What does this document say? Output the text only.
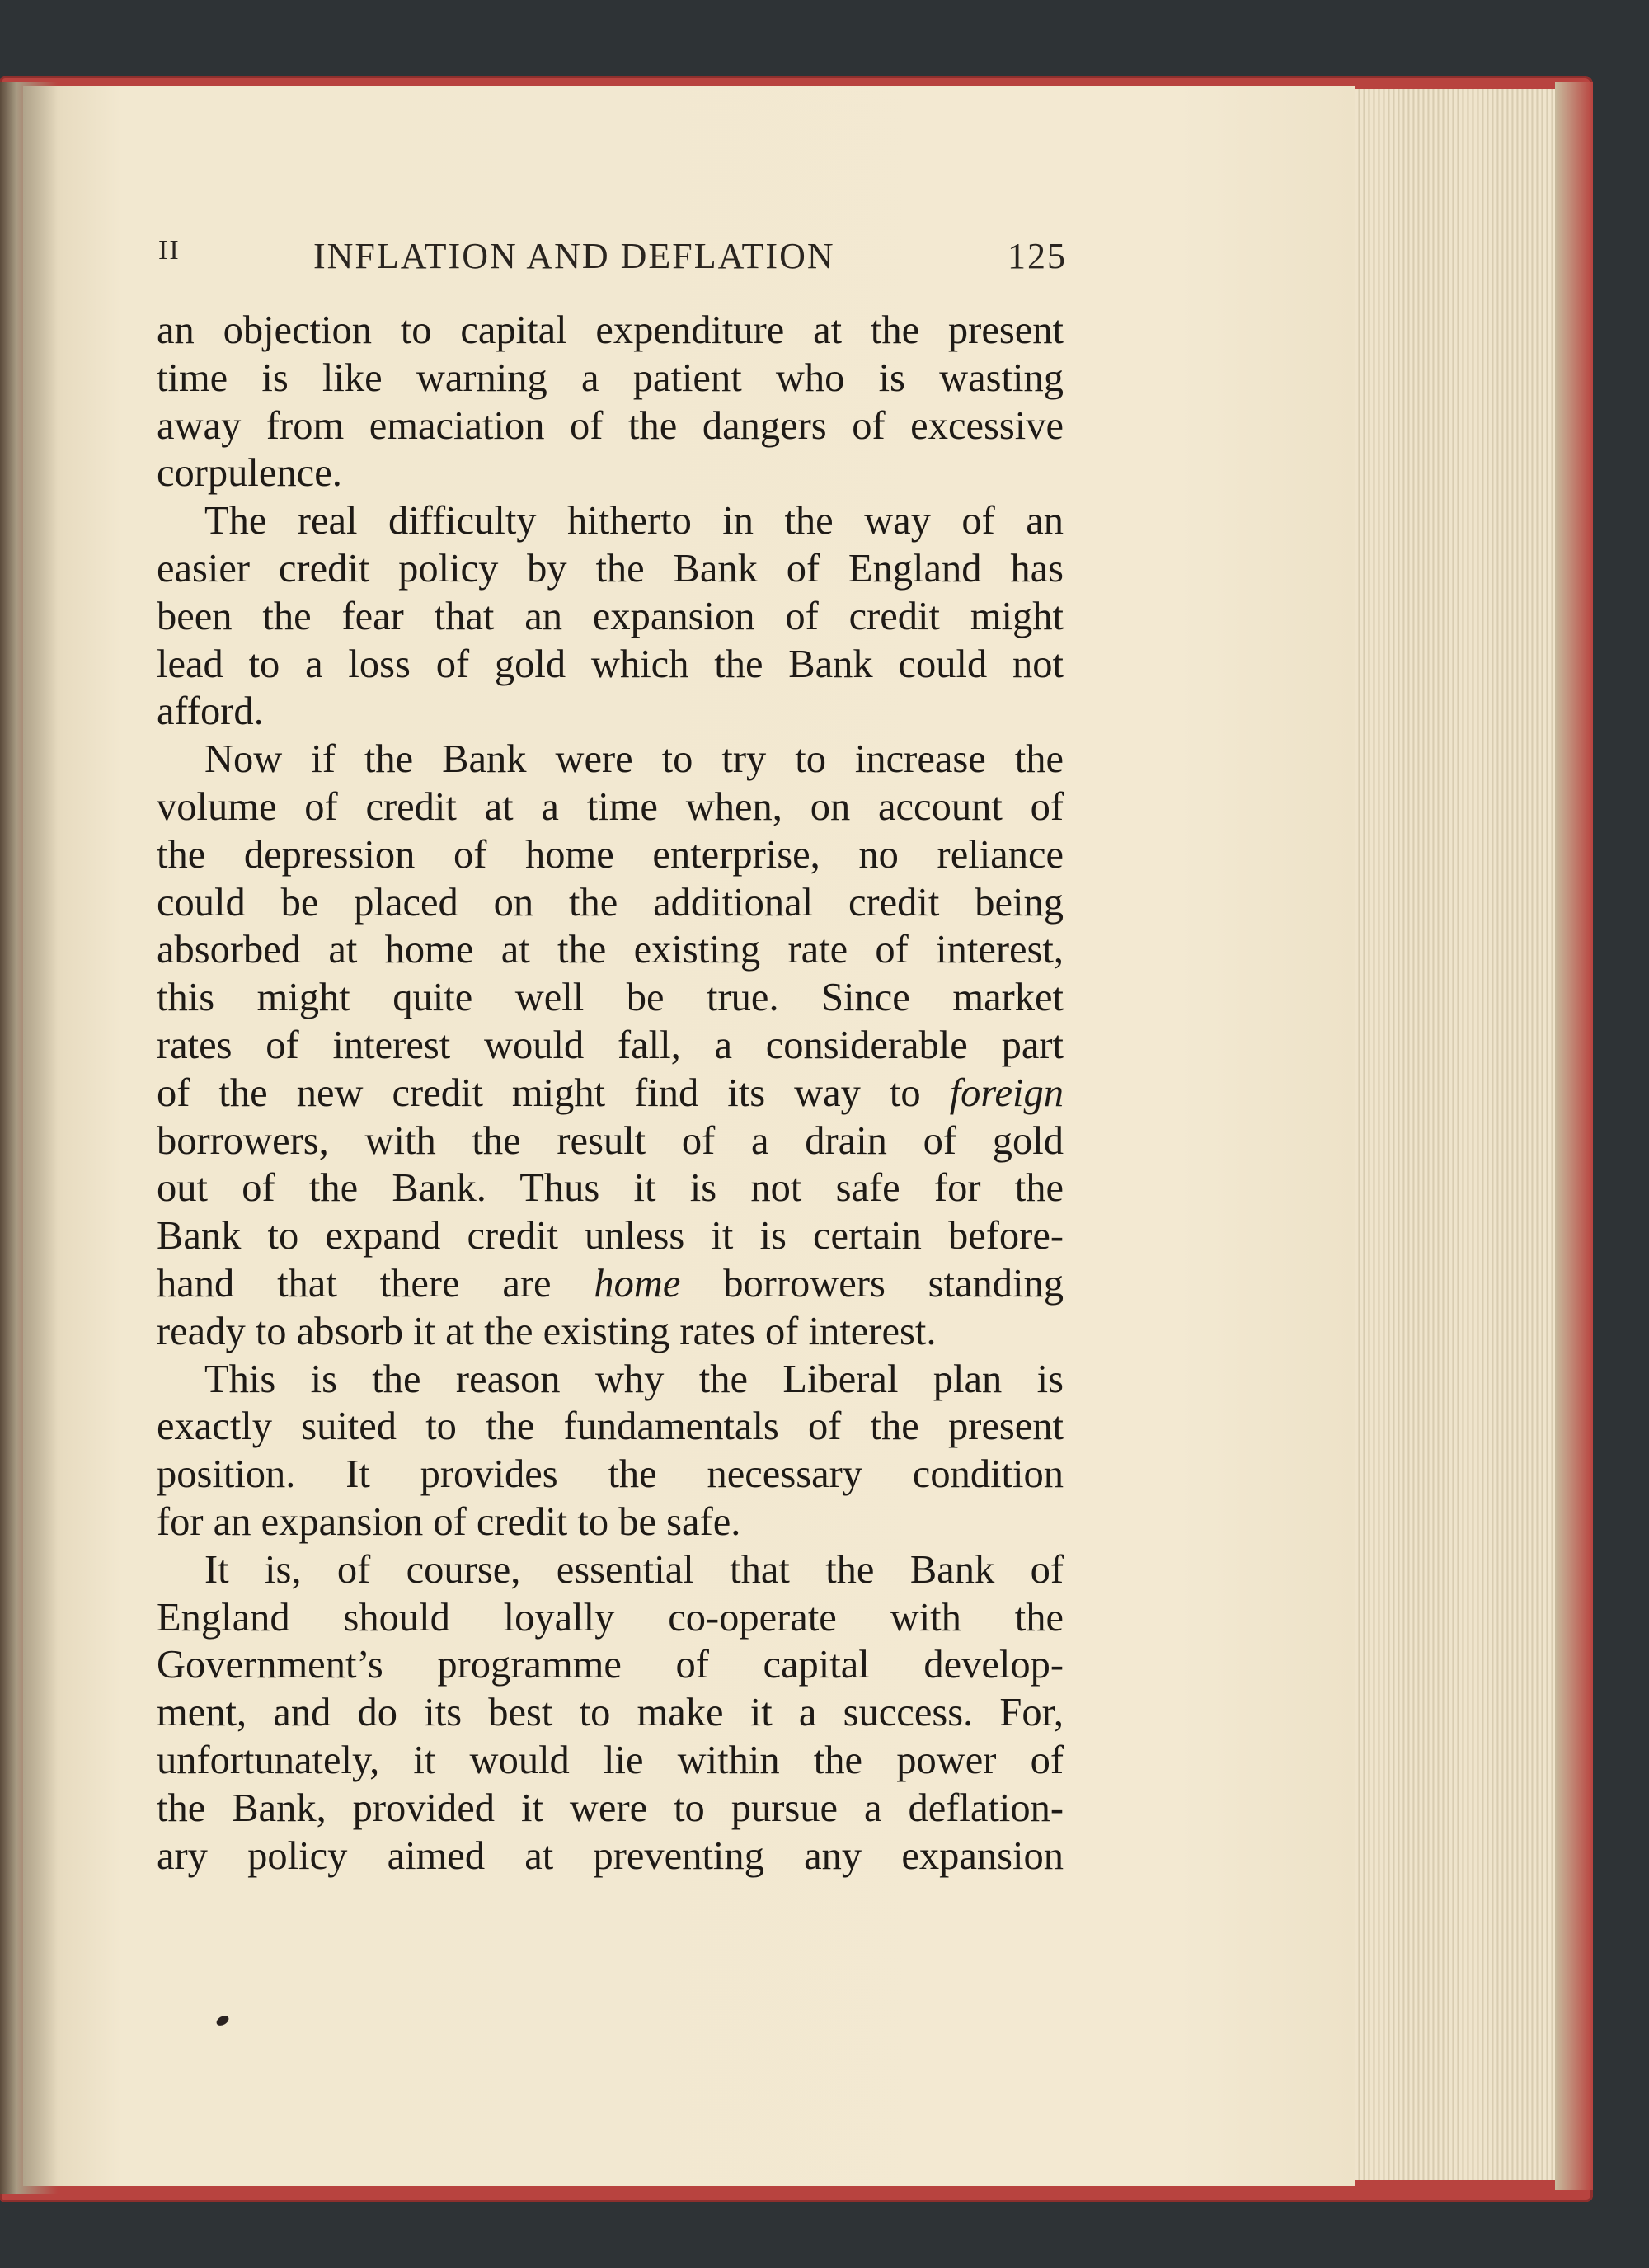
II	INFLATION AND DEFLATION	125
an objection to capital expenditure at the present
time is like warning a patient who is wasting
away from emaciation of the dangers of excessive
corpulence.
The real difficulty hitherto in the way of an
easier credit policy by the Bank of England has
been the fear that an expansion of credit might
lead to a loss of gold which the Bank could not
afford.
Now if the Bank were to try to increase the
volume of credit at a time when, on account of
the depression of home enterprise, no reliance
could be placed on the additional credit being
absorbed at home at the existing rate of interest,
this might quite well be true. Since market
rates of interest would fall, a considerable part
of the new credit might find its way to foreign
borrowers, with the result of a drain of gold
out of the Bank. Thus it is not safe for the
Bank to expand credit unless it is certain before-
hand that there are home borrowers standing
ready to absorb it at the existing rates of interest.
This is the reason why the Liberal plan is
exactly suited to the fundamentals of the present
position. It provides the necessary condition
for an expansion of credit to be safe.
It is, of course, essential that the Bank of
England should loyally co-operate with the
Government’s programme of capital develop-
ment, and do its best to make it a success. For,
unfortunately, it would lie within the power of
the Bank, provided it were to pursue a deflation-
ary policy aimed at preventing any expansion
